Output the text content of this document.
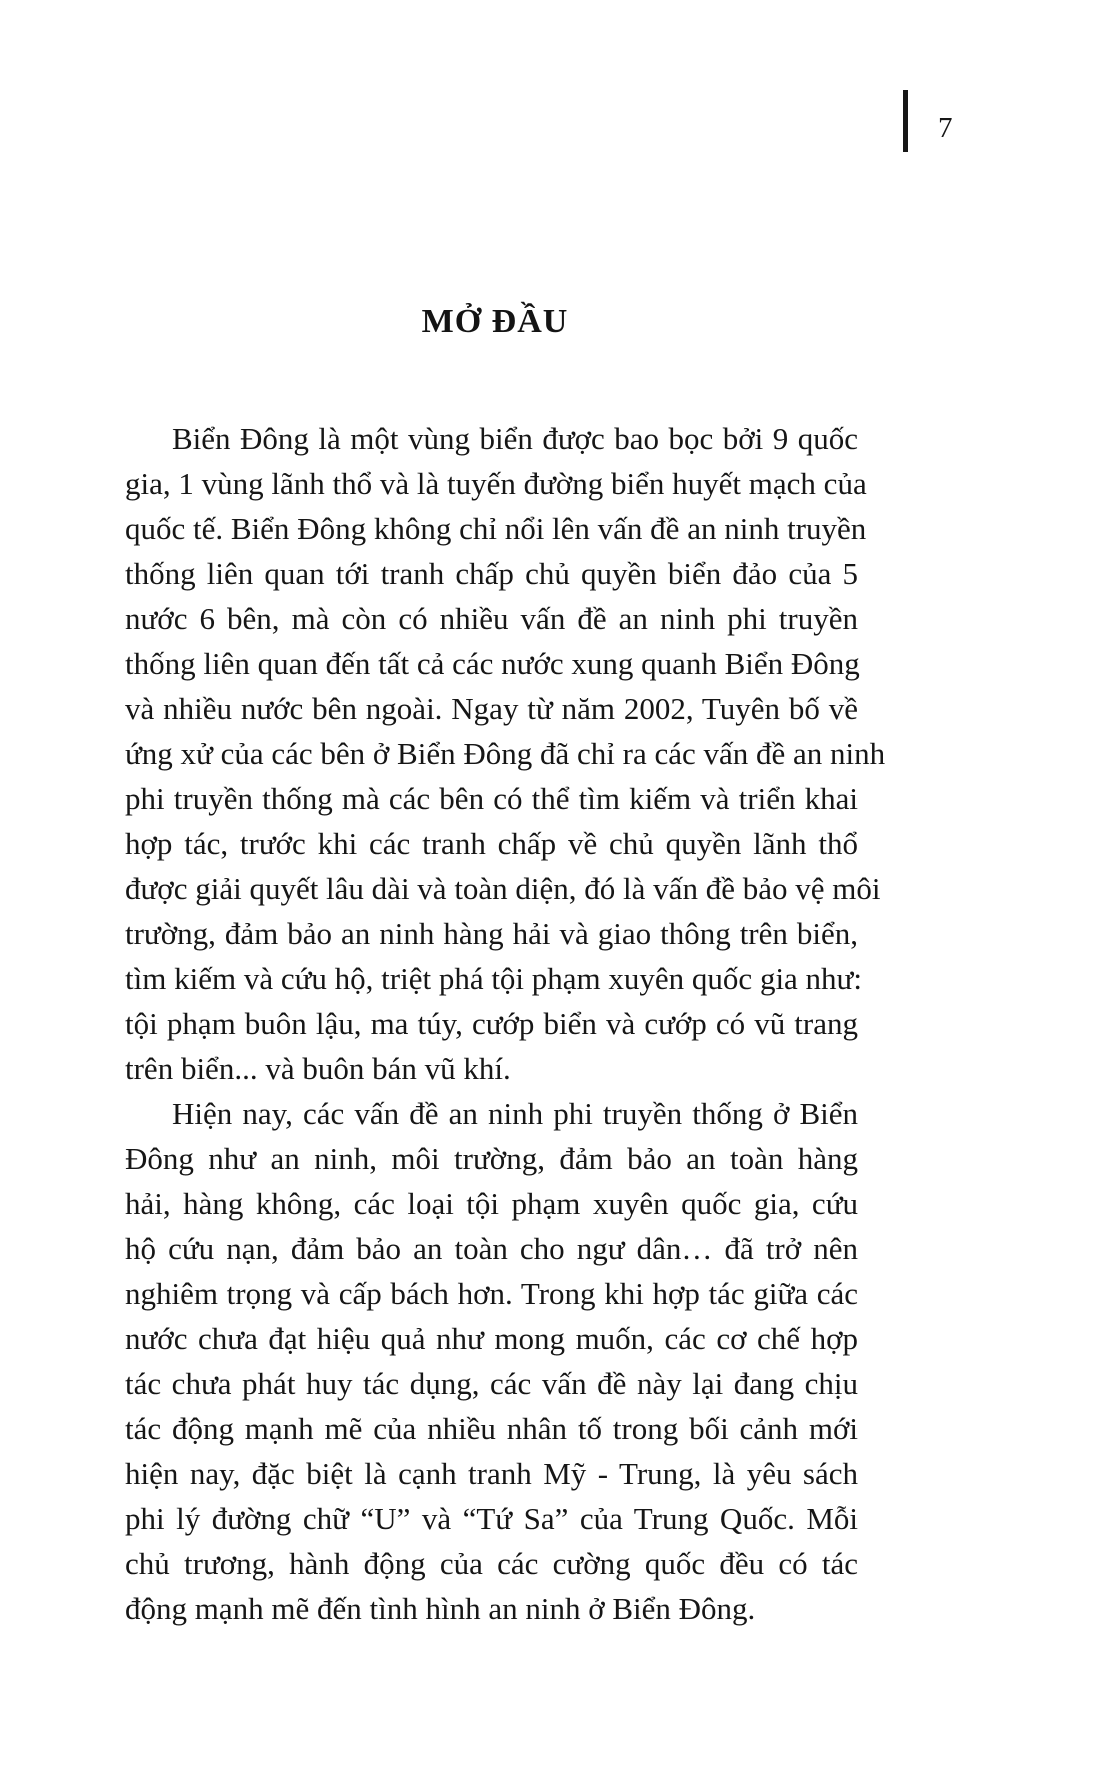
7
MỞ ĐẦU
Biển Đông là một vùng biển được bao bọc bởi 9 quốc
gia, 1 vùng lãnh thổ và là tuyến đường biển huyết mạch của
quốc tế. Biển Đông không chỉ nổi lên vấn đề an ninh truyền
thống liên quan tới tranh chấp chủ quyền biển đảo của 5
nước 6 bên, mà còn có nhiều vấn đề an ninh phi truyền
thống liên quan đến tất cả các nước xung quanh Biển Đông
và nhiều nước bên ngoài. Ngay từ năm 2002, Tuyên bố về
ứng xử của các bên ở Biển Đông đã chỉ ra các vấn đề an ninh
phi truyền thống mà các bên có thể tìm kiếm và triển khai
hợp tác, trước khi các tranh chấp về chủ quyền lãnh thổ
được giải quyết lâu dài và toàn diện, đó là vấn đề bảo vệ môi
trường, đảm bảo an ninh hàng hải và giao thông trên biển,
tìm kiếm và cứu hộ, triệt phá tội phạm xuyên quốc gia như:
tội phạm buôn lậu, ma túy, cướp biển và cướp có vũ trang
trên biển... và buôn bán vũ khí.
Hiện nay, các vấn đề an ninh phi truyền thống ở Biển
Đông như an ninh, môi trường, đảm bảo an toàn hàng
hải, hàng không, các loại tội phạm xuyên quốc gia, cứu
hộ cứu nạn, đảm bảo an toàn cho ngư dân… đã trở nên
nghiêm trọng và cấp bách hơn. Trong khi hợp tác giữa các
nước chưa đạt hiệu quả như mong muốn, các cơ chế hợp
tác chưa phát huy tác dụng, các vấn đề này lại đang chịu
tác động mạnh mẽ của nhiều nhân tố trong bối cảnh mới
hiện nay, đặc biệt là cạnh tranh Mỹ - Trung, là yêu sách
phi lý đường chữ “U” và “Tứ Sa” của Trung Quốc. Mỗi
chủ trương, hành động của các cường quốc đều có tác
động mạnh mẽ đến tình hình an ninh ở Biển Đông.
